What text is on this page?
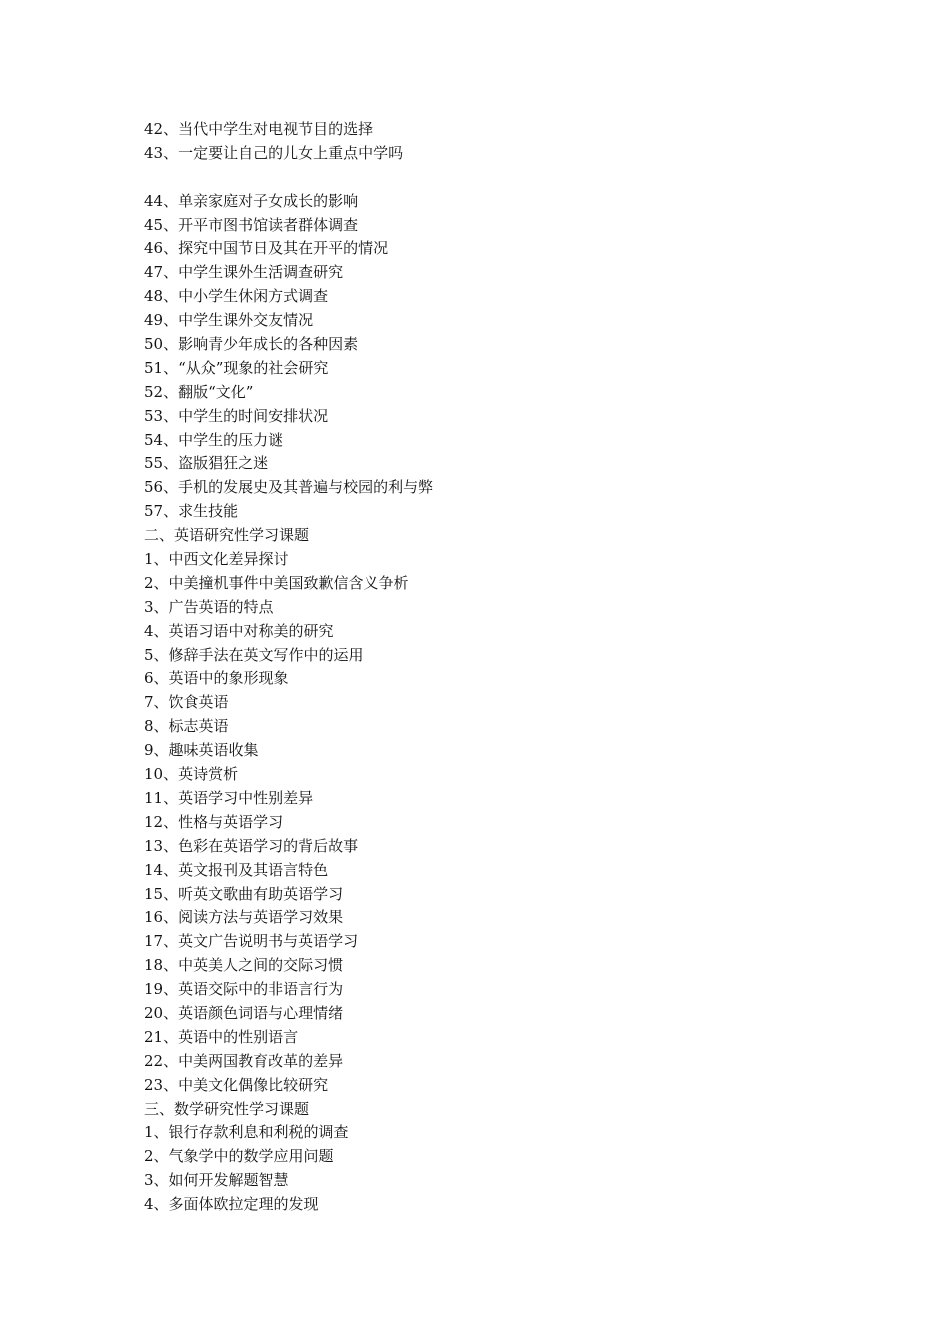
42、当代中学生对电视节目的选择
43、一定要让自己的儿女上重点中学吗
44、单亲家庭对子女成长的影响
45、开平市图书馆读者群体调查
46、探究中国节日及其在开平的情况
47、中学生课外生活调查研究
48、中小学生休闲方式调查
49、中学生课外交友情况
50、影响青少年成长的各种因素
51、“从众”现象的社会研究
52、翻版“文化”
53、中学生的时间安排状况
54、中学生的压力谜
55、盗版猖狂之迷
56、手机的发展史及其普遍与校园的利与弊
57、求生技能
二、英语研究性学习课题
1、中西文化差异探讨
2、中美撞机事件中美国致歉信含义争析
3、广告英语的特点
4、英语习语中对称美的研究
5、修辞手法在英文写作中的运用
6、英语中的象形现象
7、饮食英语
8、标志英语
9、趣味英语收集
10、英诗赏析
11、英语学习中性别差异
12、性格与英语学习
13、色彩在英语学习的背后故事
14、英文报刊及其语言特色
15、听英文歌曲有助英语学习
16、阅读方法与英语学习效果
17、英文广告说明书与英语学习
18、中英美人之间的交际习惯
19、英语交际中的非语言行为
20、英语颜色词语与心理情绪
21、英语中的性别语言
22、中美两国教育改革的差异
23、中美文化偶像比较研究
三、数学研究性学习课题
1、银行存款利息和利税的调查
2、气象学中的数学应用问题
3、如何开发解题智慧
4、多面体欧拉定理的发现
